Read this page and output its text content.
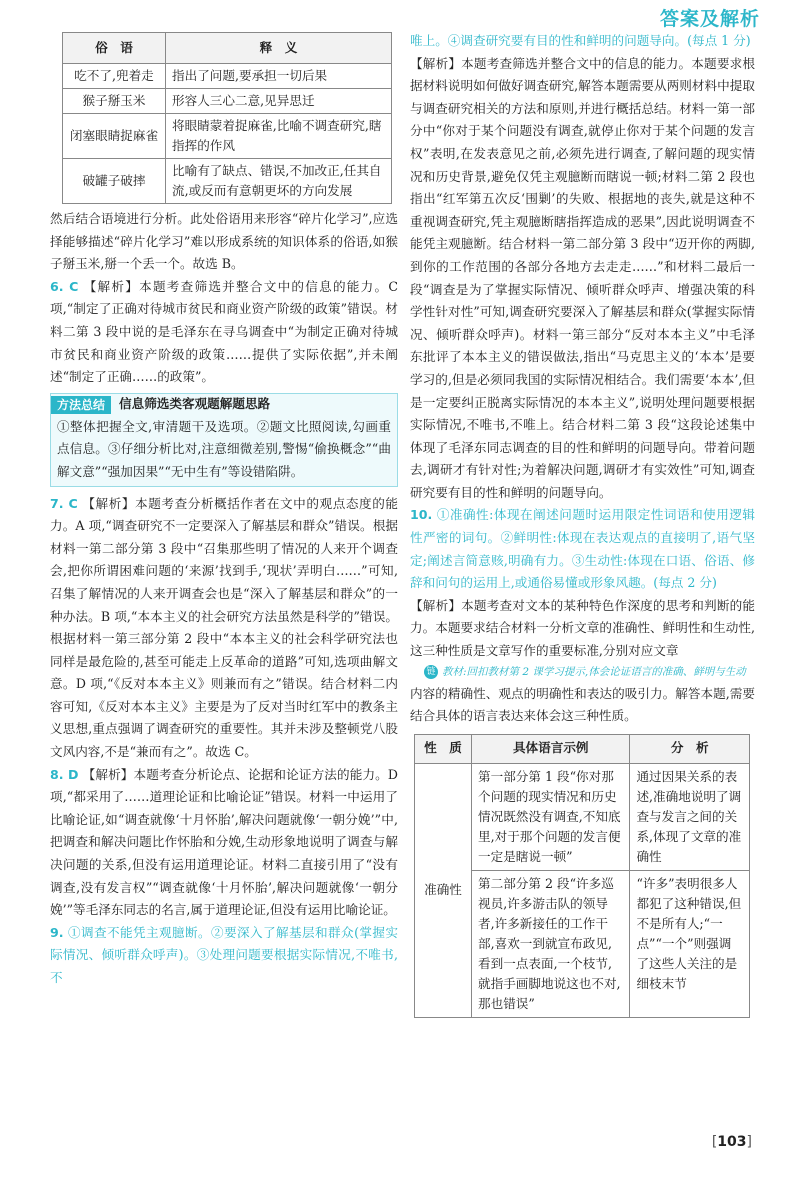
答案及解析
俗　语	释　义
吃不了,兜着走	指出了问题,要承担一切后果
猴子掰玉米	形容人三心二意,见异思迁
闭塞眼睛捉麻雀	将眼睛蒙着捉麻雀,比喻不调查研究,瞎指挥的作风
破罐子破摔	比喻有了缺点、错误,不加改正,任其自流,或反而有意朝更坏的方向发展

然后结合语境进行分析。此处俗语用来形容“碎片化学习”,应选择能够描述“碎片化学习”难以形成系统的知识体系的俗语,如猴子掰玉米,掰一个丢一个。故选 B。

6. C 【解析】本题考查筛选并整合文中的信息的能力。C 项,“制定了正确对待城市贫民和商业资产阶级的政策”错误。材料二第 3 段中说的是毛泽东在寻乌调查中“为制定正确对待城市贫民和商业资产阶级的政策……提供了实际依据”,并未阐述“制定了正确……的政策”。

方法总结	信息筛选类客观题解题思路

①整体把握全文,审清题干及选项。②题文比照阅读,勾画重点信息。③仔细分析比对,注意细微差别,警惕“偷换概念”“曲解文意”“强加因果”“无中生有”等设错陷阱。

7. C 【解析】本题考查分析概括作者在文中的观点态度的能力。A 项,“调查研究不一定要深入了解基层和群众”错误。根据材料一第二部分第 3 段中“召集那些明了情况的人来开个调查会,把你所谓困难问题的‘来源’找到手,‘现状’弄明白……”可知,召集了解情况的人来开调查会也是“深入了解基层和群众”的一种办法。B 项,“本本主义的社会研究方法虽然是科学的”错误。根据材料一第三部分第 2 段中“本本主义的社会科学研究法也同样是最危险的,甚至可能走上反革命的道路”可知,选项曲解文意。D 项,“《反对本本主义》则兼而有之”错误。结合材料二内容可知,《反对本本主义》主要是为了反对当时红军中的教条主义思想,重点强调了调查研究的重要性。其并未涉及整顿党八股文风内容,不是“兼而有之”。故选 C。

8. D 【解析】本题考查分析论点、论据和论证方法的能力。D 项,“都采用了……道理论证和比喻论证”错误。材料一中运用了比喻论证,如“调查就像‘十月怀胎’,解决问题就像‘一朝分娩’”中,把调查和解决问题比作怀胎和分娩,生动形象地说明了调查与解决问题的关系,但没有运用道理论证。材料二直接引用了“没有调查,没有发言权”“调查就像‘十月怀胎’,解决问题就像‘一朝分娩’”等毛泽东同志的名言,属于道理论证,但没有运用比喻论证。

9. ①调查不能凭主观臆断。②要深入了解基层和群众(掌握实际情况、倾听群众呼声)。③处理问题要根据实际情况,不唯书,不

唯上。④调查研究要有目的性和鲜明的问题导向。(每点 1 分)

【解析】本题考查筛选并整合文中的信息的能力。本题要求根据材料说明如何做好调查研究,解答本题需要从两则材料中提取与调查研究相关的方法和原则,并进行概括总结。材料一第一部分中“你对于某个问题没有调查,就停止你对于某个问题的发言权”表明,在发表意见之前,必须先进行调查,了解问题的现实情况和历史背景,避免仅凭主观臆断而瞎说一顿;材料二第 2 段也指出“红军第五次反‘围剿’的失败、根据地的丧失,就是这种不重视调查研究,凭主观臆断瞎指挥造成的恶果”,因此说明调查不能凭主观臆断。结合材料一第二部分第 3 段中“迈开你的两脚,到你的工作范围的各部分各地方去走走……”和材料二最后一段“调查是为了掌握实际情况、倾听群众呼声、增强决策的科学性针对性”可知,调查研究要深入了解基层和群众(掌握实际情况、倾听群众呼声)。材料一第三部分“反对本本主义”中毛泽东批评了本本主义的错误做法,指出“马克思主义的‘本本’是要学习的,但是必须同我国的实际情况相结合。我们需要‘本本’,但是一定要纠正脱离实际情况的本本主义”,说明处理问题要根据实际情况,不唯书,不唯上。结合材料二第 3 段“这段论述集中体现了毛泽东同志调查的目的性和鲜明的问题导向。带着问题去,调研才有针对性;为着解决问题,调研才有实效性”可知,调查研究要有目的性和鲜明的问题导向。

10. ①准确性:体现在阐述问题时运用限定性词语和使用逻辑性严密的词句。②鲜明性:体现在表达观点的直接明了,语气坚定;阐述言简意赅,明确有力。③生动性:体现在口语、俗语、修辞和问句的运用上,或通俗易懂或形象风趣。(每点 2 分)

【解析】本题考查对文本的某种特色作深度的思考和判断的能力。本题要求结合材料一分析文章的准确性、鲜明性和生动性,这三种性质是文章写作的重要标准,分别对应文章

链 教材:回扣教材第 2 课学习提示,体会论证语言的准确、鲜明与生动

内容的精确性、观点的明确性和表达的吸引力。解答本题,需要结合具体的语言表达来体会这三种性质。

性　质	具体语言示例	分　析
准确性	第一部分第 1 段“你对那个问题的现实情况和历史情况既然没有调查,不知底里,对于那个问题的发言便一定是瞎说一顿”	通过因果关系的表述,准确地说明了调查与发言之间的关系,体现了文章的准确性
	第二部分第 2 段“许多巡视员,许多游击队的领导者,许多新接任的工作干部,喜欢一到就宣布政见,看到一点表面,一个枝节,就指手画脚地说这也不对,那也错误”	“许多”表明很多人都犯了这种错误,但不是所有人;“一点”“一个”则强调了这些人关注的是细枝末节
[103]
